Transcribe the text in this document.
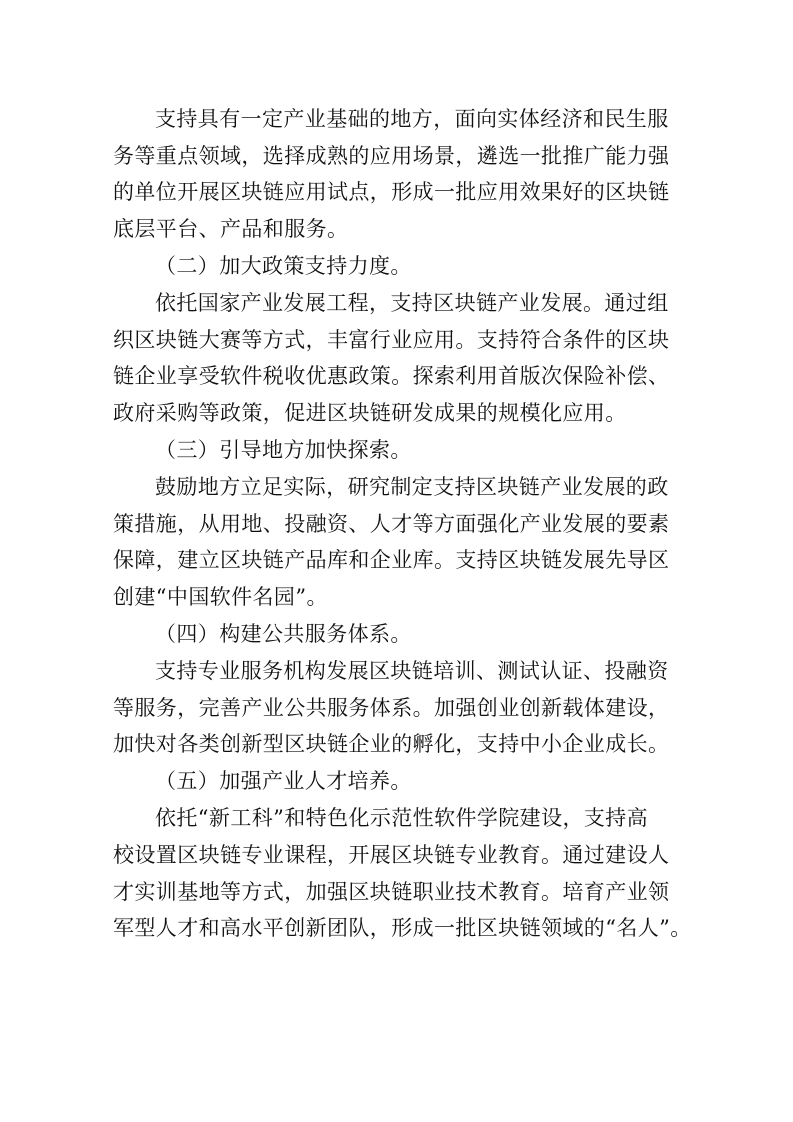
支持具有一定产业基础的地方，面向实体经济和民生服
务等重点领域，选择成熟的应用场景，遴选一批推广能力强
的单位开展区块链应用试点，形成一批应用效果好的区块链
底层平台、产品和服务。
（二）加大政策支持力度。
依托国家产业发展工程，支持区块链产业发展。通过组
织区块链大赛等方式，丰富行业应用。支持符合条件的区块
链企业享受软件税收优惠政策。探索利用首版次保险补偿、
政府采购等政策，促进区块链研发成果的规模化应用。
（三）引导地方加快探索。
鼓励地方立足实际，研究制定支持区块链产业发展的政
策措施，从用地、投融资、人才等方面强化产业发展的要素
保障，建立区块链产品库和企业库。支持区块链发展先导区
创建“中国软件名园”。
（四）构建公共服务体系。
支持专业服务机构发展区块链培训、测试认证、投融资
等服务，完善产业公共服务体系。加强创业创新载体建设，
加快对各类创新型区块链企业的孵化，支持中小企业成长。
（五）加强产业人才培养。
依托“新工科”和特色化示范性软件学院建设，支持高
校设置区块链专业课程，开展区块链专业教育。通过建设人
才实训基地等方式，加强区块链职业技术教育。培育产业领
军型人才和高水平创新团队，形成一批区块链领域的“名人”。
